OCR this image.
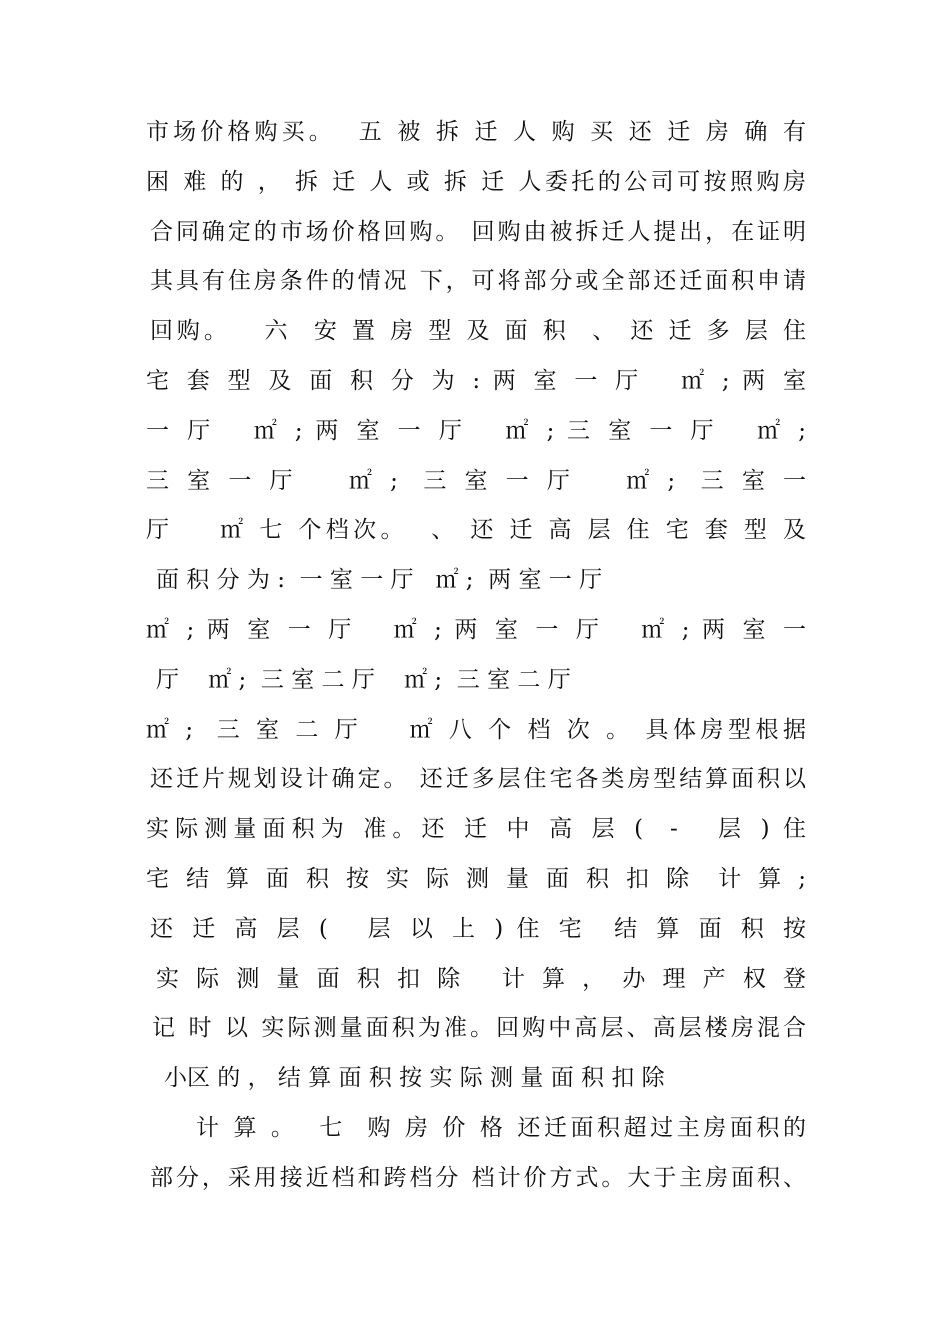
市场价格购买。  五 被 拆 迁 人 购 买 还 迁 房 确 有
困 难 的 ， 拆 迁 人 或 拆 迁 人委托的公司可按照购房
合同确定的市场价格回购。 回购由被拆迁人提出，在证明
其具有住房条件的情况 下，可将部分或全部还迁面积申请
回购。   六  安 置 房 型 及 面 积  、 还 迁 多 层 住
宅 套 型 及 面 积 分 为 : 两 室 一 厅   ㎡ ; 两 室
一 厅   ㎡ ; 两 室 一 厅   ㎡ ; 三 室 一 厅   ㎡ ;
三 室 一 厅    ㎡ ;  三 室 一 厅    ㎡ ;  三 室 一
厅    ㎡ 七 个档次。  、 还 迁 高 层 住 宅 套 型 及
面 积 分 为 :  一 室 一 厅   ㎡ ;  两 室 一 厅
㎡ ; 两 室 一 厅   ㎡ ; 两 室 一 厅   ㎡ ; 两 室 一
厅    ㎡ ;  三 室 二 厅    ㎡ ;  三 室 二 厅
㎡ ;  三 室 二 厅    ㎡ 八 个 档 次 。 具体房型根据
还迁片规划设计确定。 还迁多层住宅各类房型结算面积以
实际测量面积为 准。还 迁 中 高 层 (  -   层 ) 住
宅 结 算 面 积 按 实 际 测 量 面 积 扣 除  计 算 ;
还 迁 高 层 (   层 以 上 ) 住 宅  结 算 面 积 按
实 际 测 量 面 积 扣 除   计 算 ， 办 理 产 权 登
记 时 以 实际测量面积为准。回购中高层、高层楼房混合
小区 的 ， 结 算 面 积 按 实 际 测 量 面 积 扣 除
计 算 。  七  购 房 价 格 还迁面积超过主房面积的
部分，采用接近档和跨档分 档计价方式。大于主房面积、
